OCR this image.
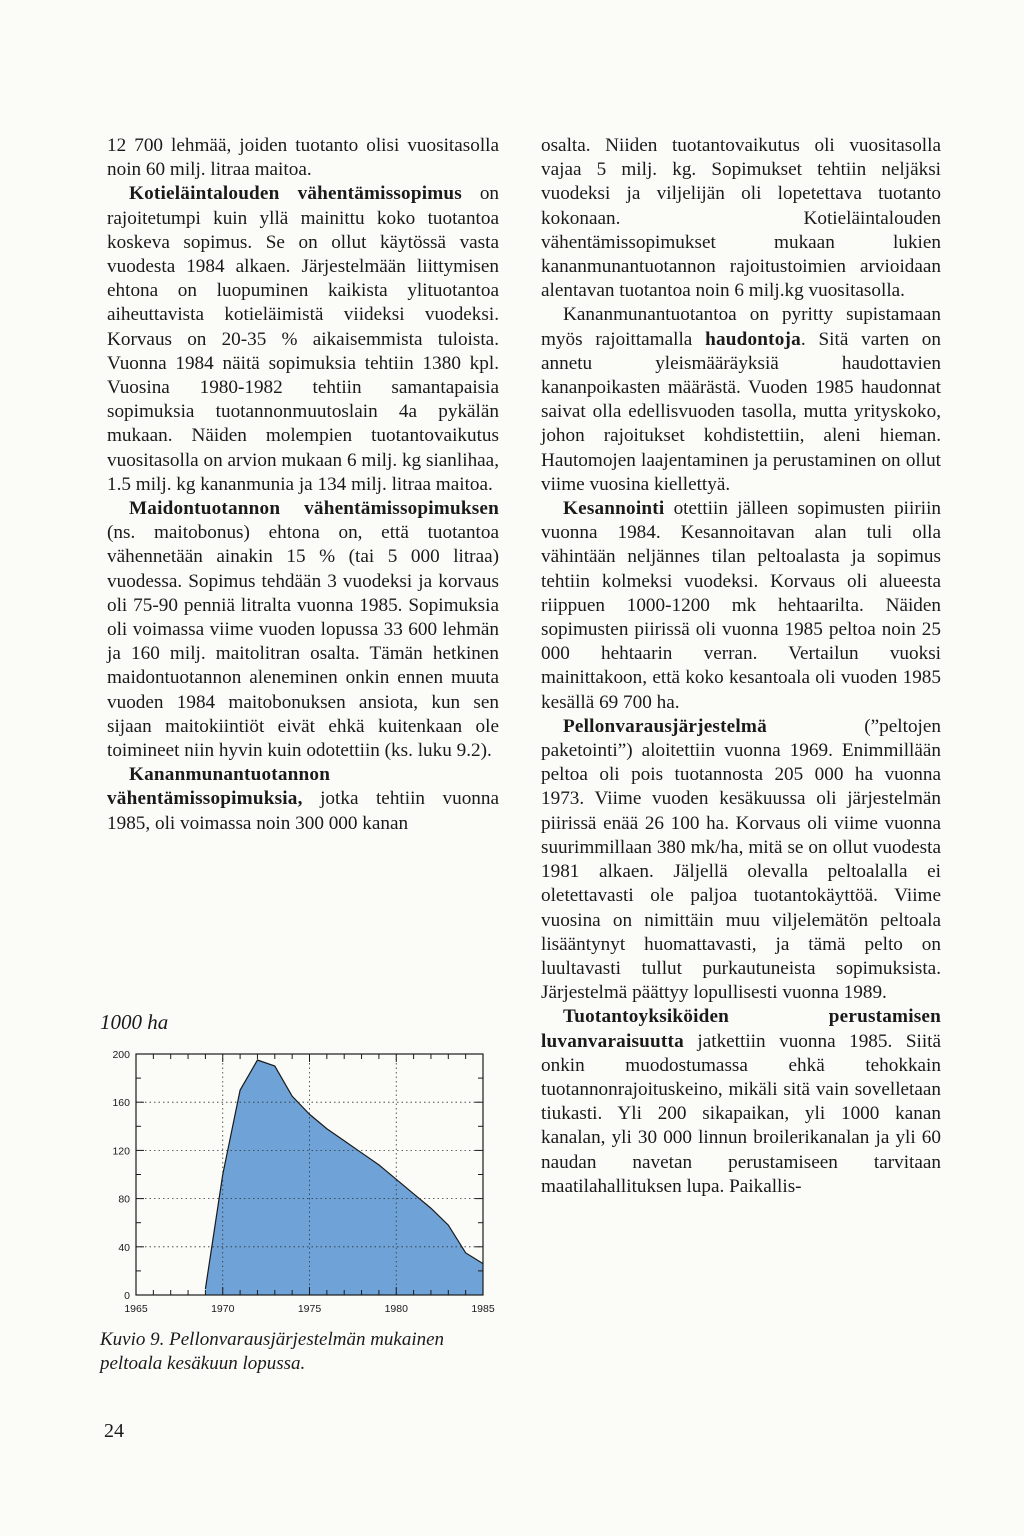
12 700 lehmää, joiden tuotanto olisi vuositasolla noin 60 milj. litraa maitoa.

Kotieläintalouden vähentämissopimus on rajoitetumpi kuin yllä mainittu koko tuotantoa koskeva sopimus. Se on ollut käytössä vasta vuodesta 1984 alkaen. Järjestelmään liittymisen ehtona on luopuminen kaikista ylituotantoa aiheuttavista kotieläimistä viideksi vuodeksi. Korvaus on 20-35 % aikaisemmista tuloista. Vuonna 1984 näitä sopimuksia tehtiin 1380 kpl. Vuosina 1980-1982 tehtiin samantapaisia sopimuksia tuotannonmuutoslain 4a pykälän mukaan. Näiden molempien tuotantovaikutus vuositasolla on arvion mukaan 6 milj. kg sianlihaa, 1.5 milj. kg kananmunia ja 134 milj. litraa maitoa.

Maidontuotannon vähentämissopimuksen (ns. maitobonus) ehtona on, että tuotantoa vähennetään ainakin 15 % (tai 5 000 litraa) vuodessa. Sopimus tehdään 3 vuodeksi ja korvaus oli 75-90 penniä litralta vuonna 1985. Sopimuksia oli voimassa viime vuoden lopussa 33 600 lehmän ja 160 milj. maitolitran osalta. Tämän hetkinen maidontuotannon aleneminen onkin ennen muuta vuoden 1984 maitobonuksen ansiota, kun sen sijaan maitokiintiöt eivät ehkä kuitenkaan ole toimineet niin hyvin kuin odotettiin (ks. luku 9.2).

Kananmunantuotannon vähentämissopimuksia, jotka tehtiin vuonna 1985, oli voimassa noin 300 000 kanan

osalta. Niiden tuotantovaikutus oli vuositasolla vajaa 5 milj. kg. Sopimukset tehtiin neljäksi vuodeksi ja viljelijän oli lopetettava tuotanto kokonaan. Kotieläintalouden vähentämissopimukset mukaan lukien kananmunantuotannon rajoitustoimien arvioidaan alentavan tuotantoa noin 6 milj.kg vuositasolla.

Kananmunantuotantoa on pyritty supistamaan myös rajoittamalla haudontoja. Sitä varten on annetu yleismääräyksiä haudottavien kananpoikasten määrästä. Vuoden 1985 haudonnat saivat olla edellisvuoden tasolla, mutta yrityskoko, johon rajoitukset kohdistettiin, aleni hieman. Hautomojen laajentaminen ja perustaminen on ollut viime vuosina kiellettyä.

Kesannointi otettiin jälleen sopimusten piiriin vuonna 1984. Kesannoitavan alan tuli olla vähintään neljännes tilan peltoalasta ja sopimus tehtiin kolmeksi vuodeksi. Korvaus oli alueesta riippuen 1000-1200 mk hehtaarilta. Näiden sopimusten piirissä oli vuonna 1985 peltoa noin 25 000 hehtaarin verran. Vertailun vuoksi mainittakoon, että koko kesantoala oli vuoden 1985 kesällä 69 700 ha.

Pellonvarausjärjestelmä (”peltojen paketointi”) aloitettiin vuonna 1969. Enimmillään peltoa oli pois tuotannosta 205 000 ha vuonna 1973. Viime vuoden kesäkuussa oli järjestelmän piirissä enää 26 100 ha. Korvaus oli viime vuonna suurimmillaan 380 mk/ha, mitä se on ollut vuodesta 1981 alkaen. Jäljellä olevalla peltoalalla ei oletettavasti ole paljoa tuotantokäyttöä. Viime vuosina on nimittäin muu viljelemätön peltoala lisääntynyt huomattavasti, ja tämä pelto on luultavasti tullut purkautuneista sopimuksista. Järjestelmä päättyy lopullisesti vuonna 1989.

Tuotantoyksiköiden perustamisen luvanvaraisuutta jatkettiin vuonna 1985. Siitä onkin muodostumassa ehkä tehokkain tuotannonrajoituskeino, mikäli sitä vain sovelletaan tiukasti. Yli 200 sikapaikan, yli 1000 kanan kanalan, yli 30 000 linnun broilerikanalan ja yli 60 naudan navetan perustamiseen tarvitaan maatilahallituksen lupa. Paikallis-

1000 ha
0
40
80
120
160
200
1965	1970	1975	1980	1985
Kuvio 9. Pellonvarausjärjestelmän mukainen peltoala kesäkuun lopussa.
24
